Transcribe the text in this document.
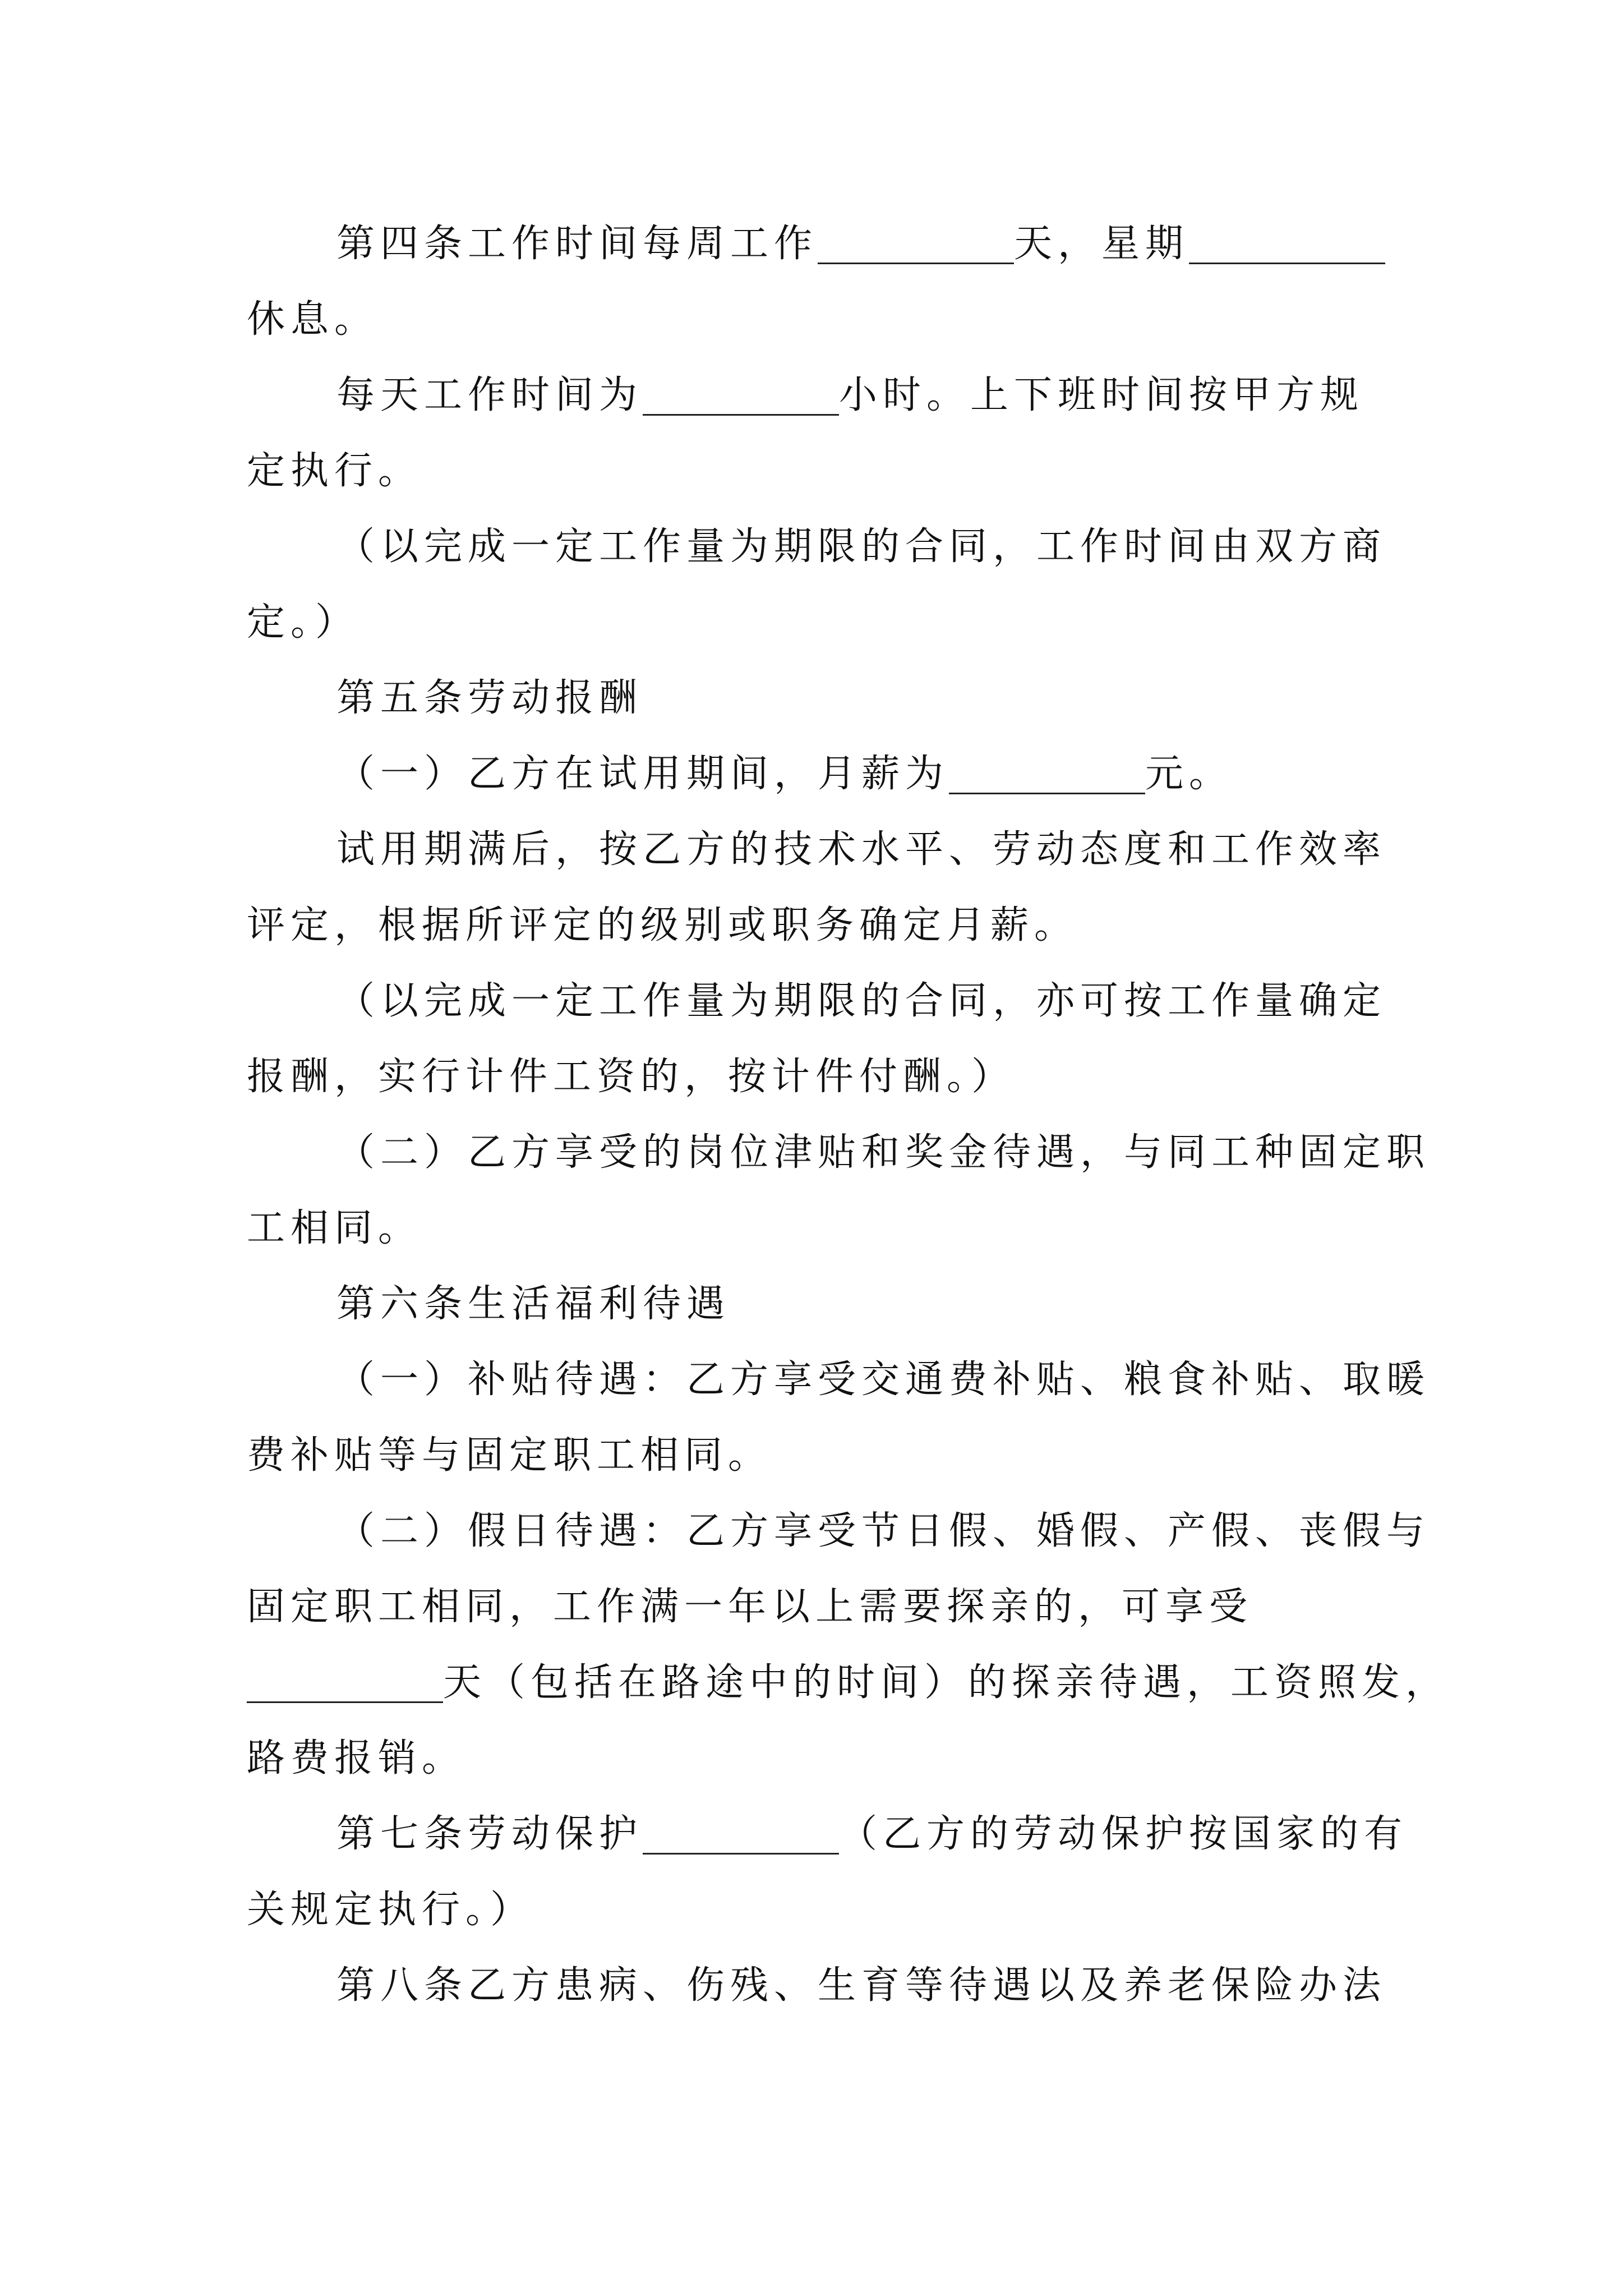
第四条工作时间每周工作	天，星期
休息。
每天工作时间为	小时。上下班时间按甲方规
定执行。
（以完成一定工作量为期限的合同，工作时间由双方商
定。）
第五条劳动报酬
（一）乙方在试用期间，月薪为	元。
试用期满后，按乙方的技术水平、劳动态度和工作效率
评定，根据所评定的级别或职务确定月薪。
（以完成一定工作量为期限的合同，亦可按工作量确定
报酬，实行计件工资的，按计件付酬。）
（二）乙方享受的岗位津贴和奖金待遇，与同工种固定职
工相同。
第六条生活福利待遇
（一）补贴待遇：乙方享受交通费补贴、粮食补贴、取暖
费补贴等与固定职工相同。
（二）假日待遇：乙方享受节日假、婚假、产假、丧假与
固定职工相同，工作满一年以上需要探亲的，可享受
天（包括在路途中的时间）的探亲待遇，工资照发，
路费报销。
第七条劳动保护	（乙方的劳动保护按国家的有
关规定执行。）
第八条乙方患病、伤残、生育等待遇以及养老保险办法
